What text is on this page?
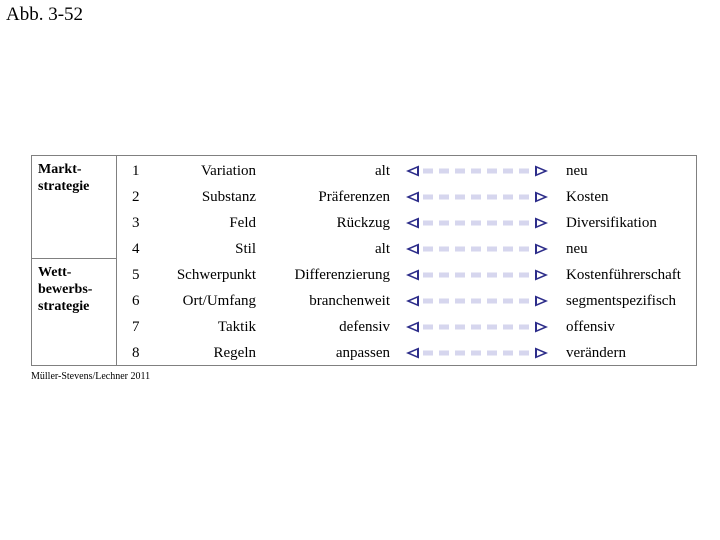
Abb. 3-52
Markt-
strategie
Wett-
bewerbs-
strategie
1	Variation	alt	neu
2	Substanz	Präferenzen	Kosten
3	Feld	Rückzug	Diversifikation
4	Stil	alt	neu
5 Schwerpunkt	Differenzierung	Kostenführerschaft
6	Ort/Umfang	branchenweit	segmentspezifisch
7	Taktik	defensiv	offensiv
8	Regeln	anpassen	verändern
Müller-Stevens/Lechner 2011
